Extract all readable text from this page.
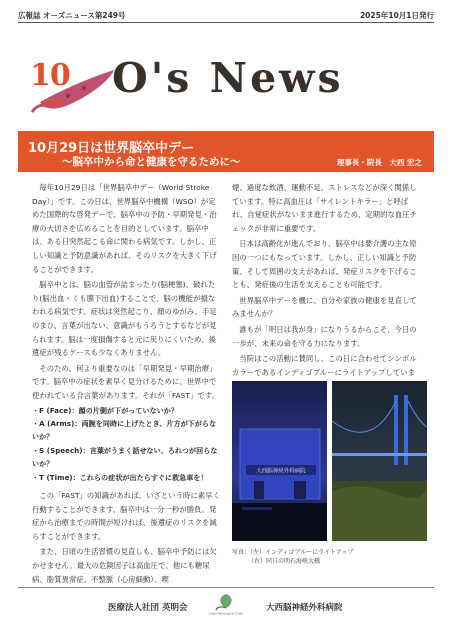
広報誌 オーズニュース第249号	2025年10月1日発行
10
2025
O's News
10月29日は世界脳卒中デー
～脳卒中から命と健康を守るために～	理事長・院長　大西 宏之

毎年10月29日は「世界脳卒中デー（World Stroke Day）」です。この日は、世界脳卒中機構（WSO）が定めた国際的な啓発デーで、脳卒中の予防・早期発見・治療の大切さを広めることを目的としています。脳卒中は、ある日突然起こる命に関わる病気です。しかし、正しい知識と予防意識があれば、そのリスクを大きく下げることができます。

脳卒中とは、脳の血管が詰まったり(脳梗塞)、破れたり(脳出血・くも膜下出血)することで、脳の機能が損なわれる病気です。症状は突然起こり、顔のゆがみ、手足のまひ、言葉が出ない、意識がもうろうとするなどが見られます。脳は一度損傷すると元に戻りにくいため、後遺症が残るケースも少なくありません。

そのため、何より重要なのは「早期発見・早期治療」です。脳卒中の症状を素早く見分けるために、世界中で使われている合言葉があります。それが「FAST」です。

・F (Face)：顔の片側が下がっていないか？
・A (Arms)：両腕を同時に上げたとき、片方が下がらないか？
・S (Speech)：言葉がうまく話せない、ろれつが回らないか？
・T (Time)：これらの症状が出たらすぐに救急車を！

この「FAST」の知識があれば、いざという時に素早く行動することができます。脳卒中は一分一秒が勝負。発症から治療までの時間が短ければ、後遺症のリスクを減らすことができます。

また、日頃の生活習慣の見直しも、脳卒中予防には欠かせません。最大の危険因子は高血圧で、他にも糖尿病、脂質異常症、不整脈（心房細動）、喫

煙、過度な飲酒、運動不足、ストレスなどが深く関係しています。特に高血圧は「サイレントキラー」と呼ばれ、自覚症状がないまま進行するため、定期的な血圧チェックが非常に重要です。

日本は高齢化が進んでおり、脳卒中は要介護の主な原因の一つにもなっています。しかし、正しい知識と予防策、そして周囲の支えがあれば、発症リスクを下げることも、発症後の生活を支えることも可能です。

世界脳卒中デーを機に、自分や家族の健康を見直してみませんか？

誰もが「明日は我が身」になりうるからこそ、今日の一歩が、未来の命を守る力になります。

当院はこの活動に賛同し、この日に合わせてシンボルカラーであるインディゴブルーにライトアップしていま

大西脳神経外科病院
写真：（左）インディゴブルーにライトアップ
（右）同日の明石海峡大橋
医療法人社団 英明会
Onishi Neurological Center
大西脳神経外科病院
